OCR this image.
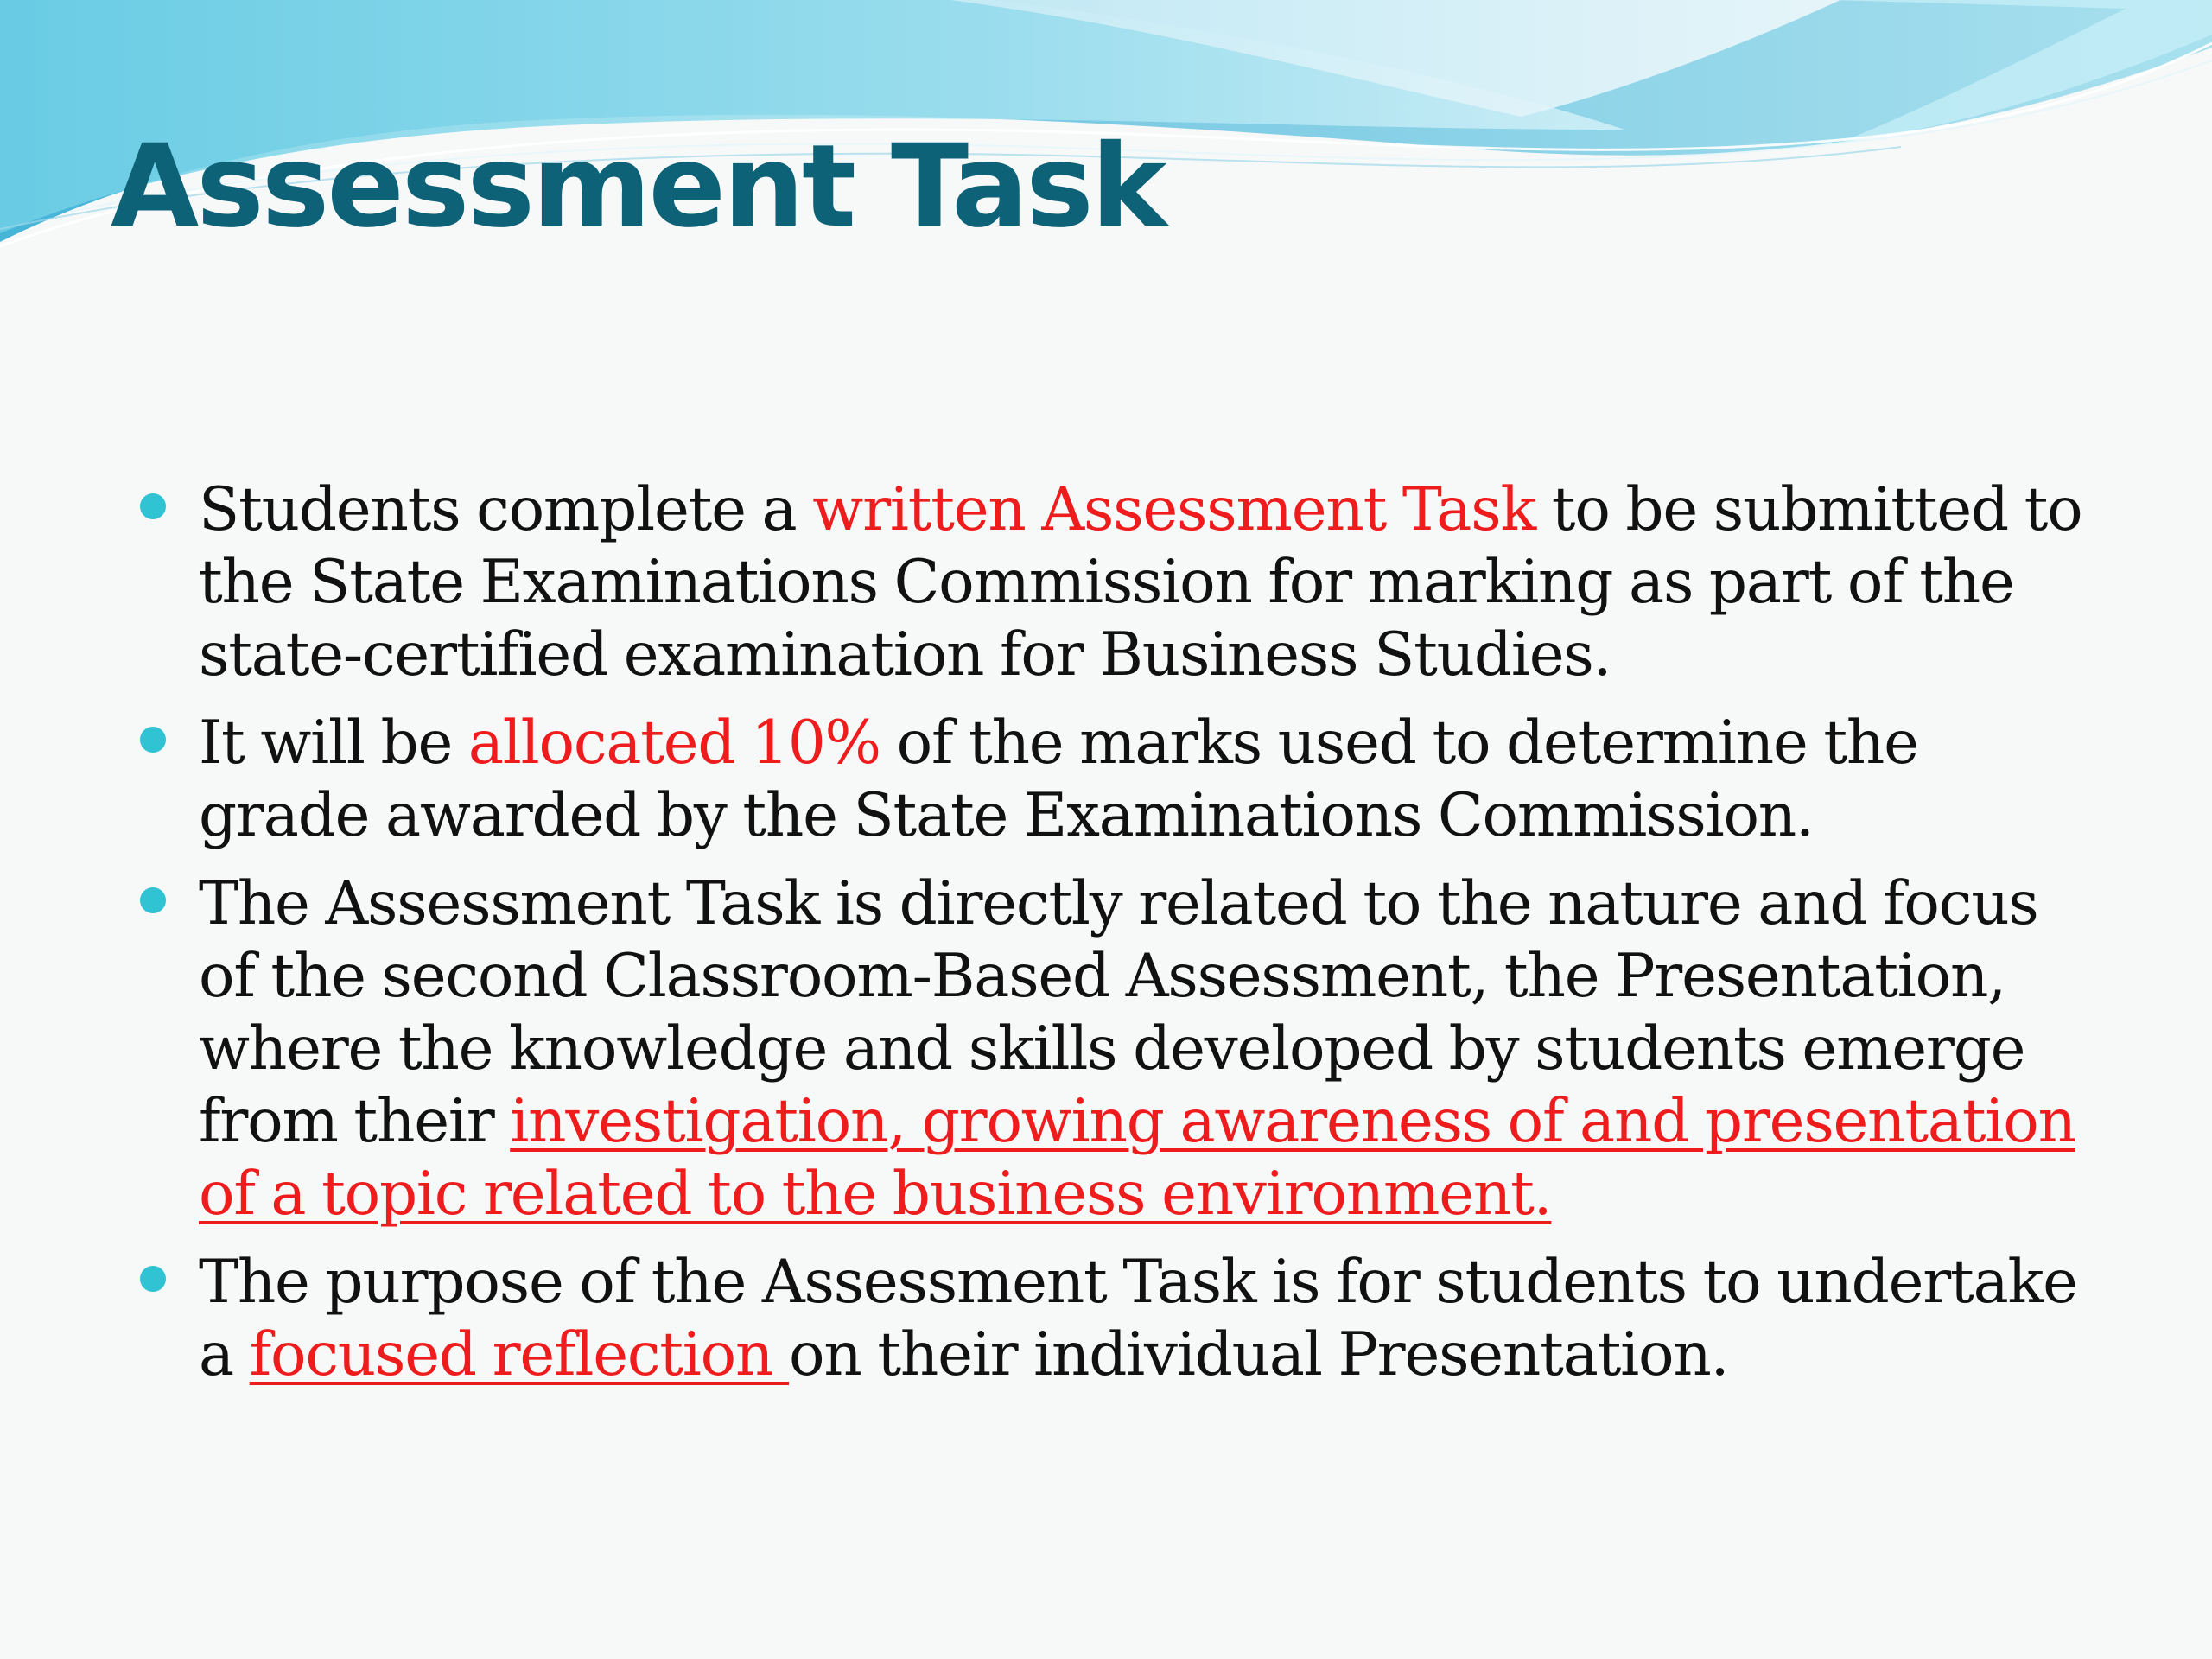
Assessment Task
Students complete a written Assessment Task to be submitted to the State Examinations Commission for marking as part of the state-certified examination for Business Studies.
It will be allocated 10% of the marks used to determine the grade awarded by the State Examinations Commission.
The Assessment Task is directly related to the nature and focus of the second Classroom-Based Assessment, the Presentation, where the knowledge and skills developed by students emerge from their investigation, growing awareness of and presentation of a topic related to the business environment.
The purpose of the Assessment Task is for students to undertake a focused reflection on their individual Presentation.
